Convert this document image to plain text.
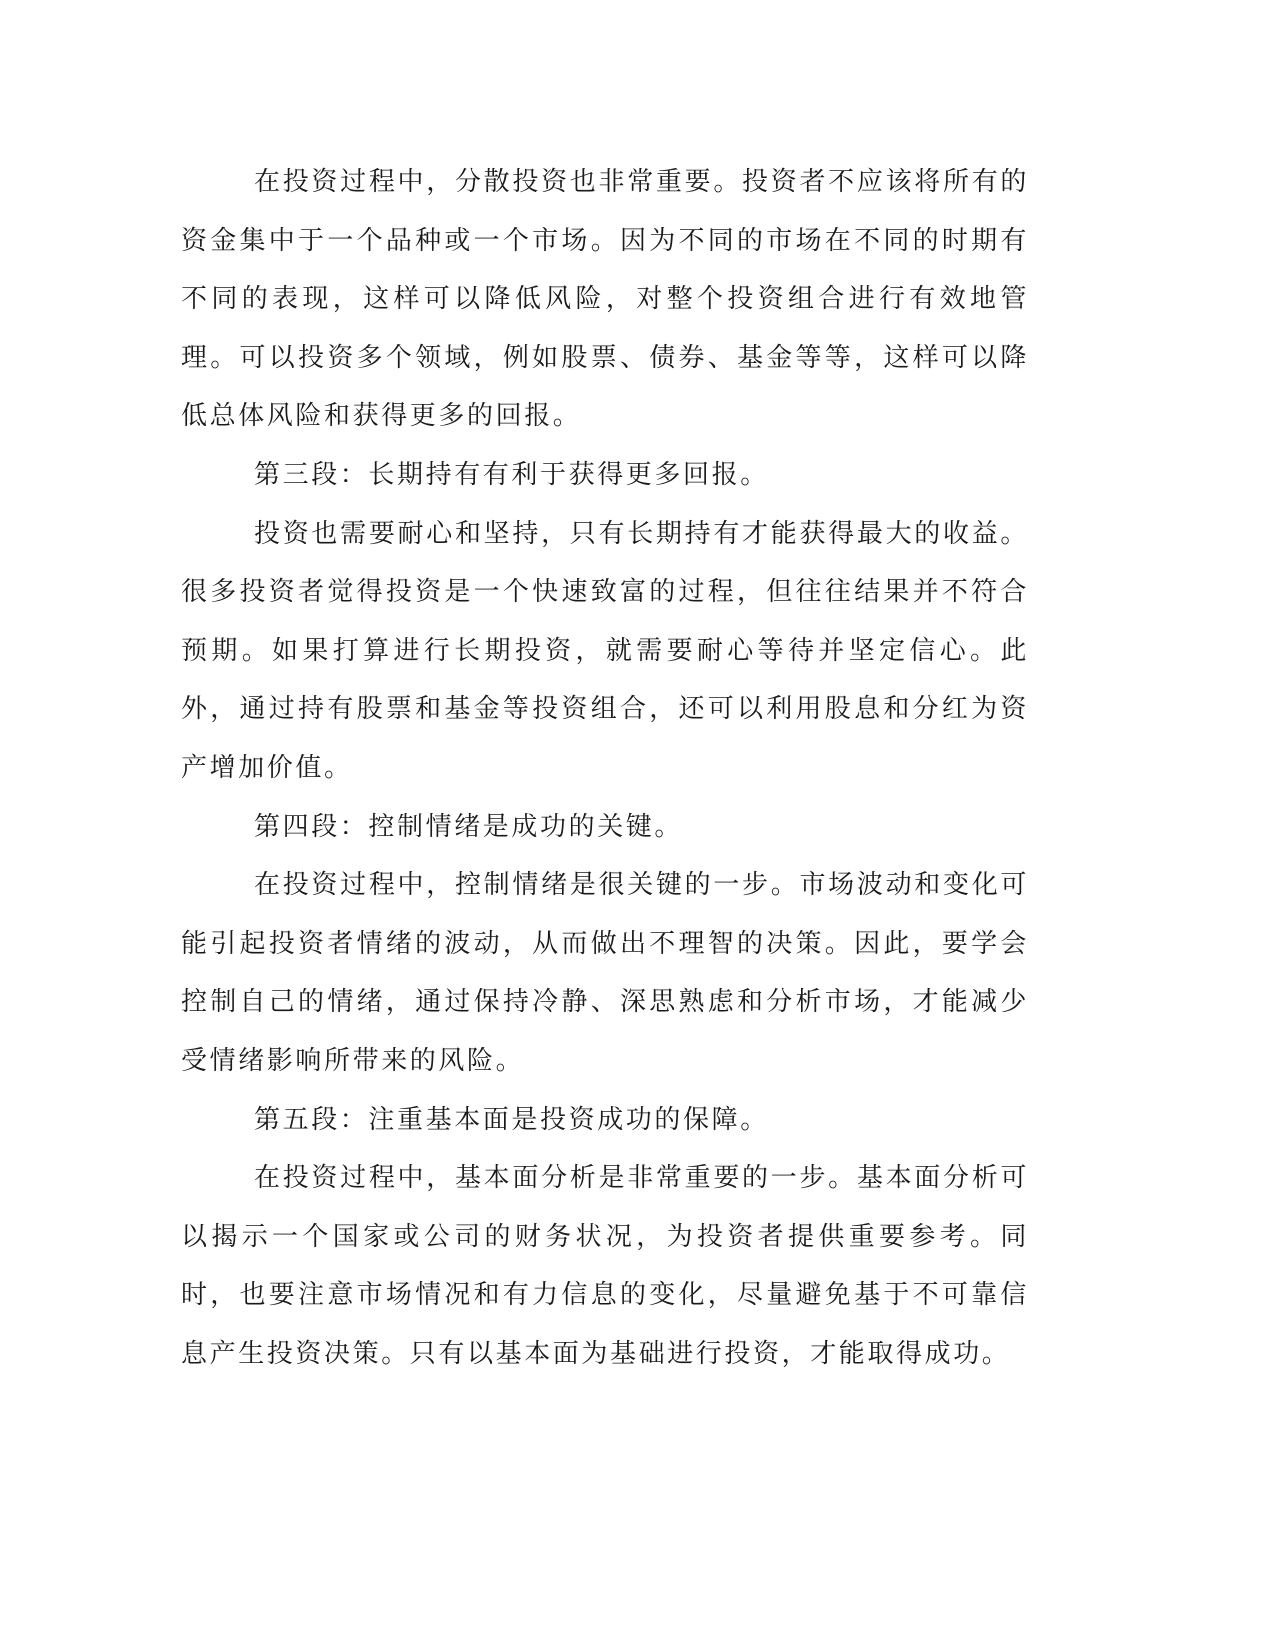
在投资过程中，分散投资也非常重要。投资者不应该将所有的资金集中于一个品种或一个市场。因为不同的市场在不同的时期有不同的表现，这样可以降低风险，对整个投资组合进行有效地管理。可以投资多个领域，例如股票、债券、基金等等，这样可以降低总体风险和获得更多的回报。

第三段：长期持有有利于获得更多回报。

投资也需要耐心和坚持，只有长期持有才能获得最大的收益。很多投资者觉得投资是一个快速致富的过程，但往往结果并不符合预期。如果打算进行长期投资，就需要耐心等待并坚定信心。此外，通过持有股票和基金等投资组合，还可以利用股息和分红为资产增加价值。

第四段：控制情绪是成功的关键。

在投资过程中，控制情绪是很关键的一步。市场波动和变化可能引起投资者情绪的波动，从而做出不理智的决策。因此，要学会控制自己的情绪，通过保持冷静、深思熟虑和分析市场，才能减少受情绪影响所带来的风险。

第五段：注重基本面是投资成功的保障。

在投资过程中，基本面分析是非常重要的一步。基本面分析可以揭示一个国家或公司的财务状况，为投资者提供重要参考。同时，也要注意市场情况和有力信息的变化，尽量避免基于不可靠信息产生投资决策。只有以基本面为基础进行投资，才能取得成功。
